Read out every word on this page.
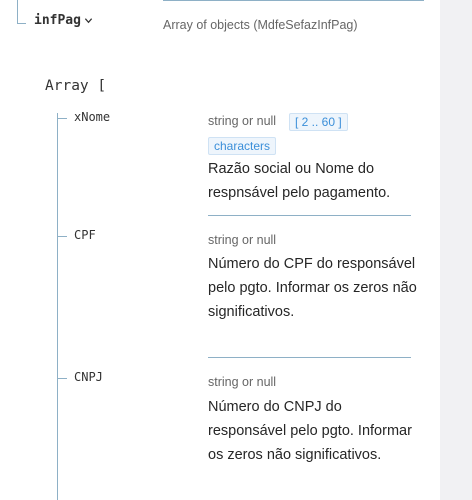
infPag	Array of objects (MdfeSefazInfPag)
Array [
xNome	string or null	[ 2 .. 60 ]
characters
Razão social ou Nome do respnsável pelo pagamento.
CPF	string or null
Número do CPF do responsável pelo pgto. Informar os zeros não significativos.
CNPJ	string or null
Número do CNPJ do responsável pelo pgto. Informar os zeros não significativos.
